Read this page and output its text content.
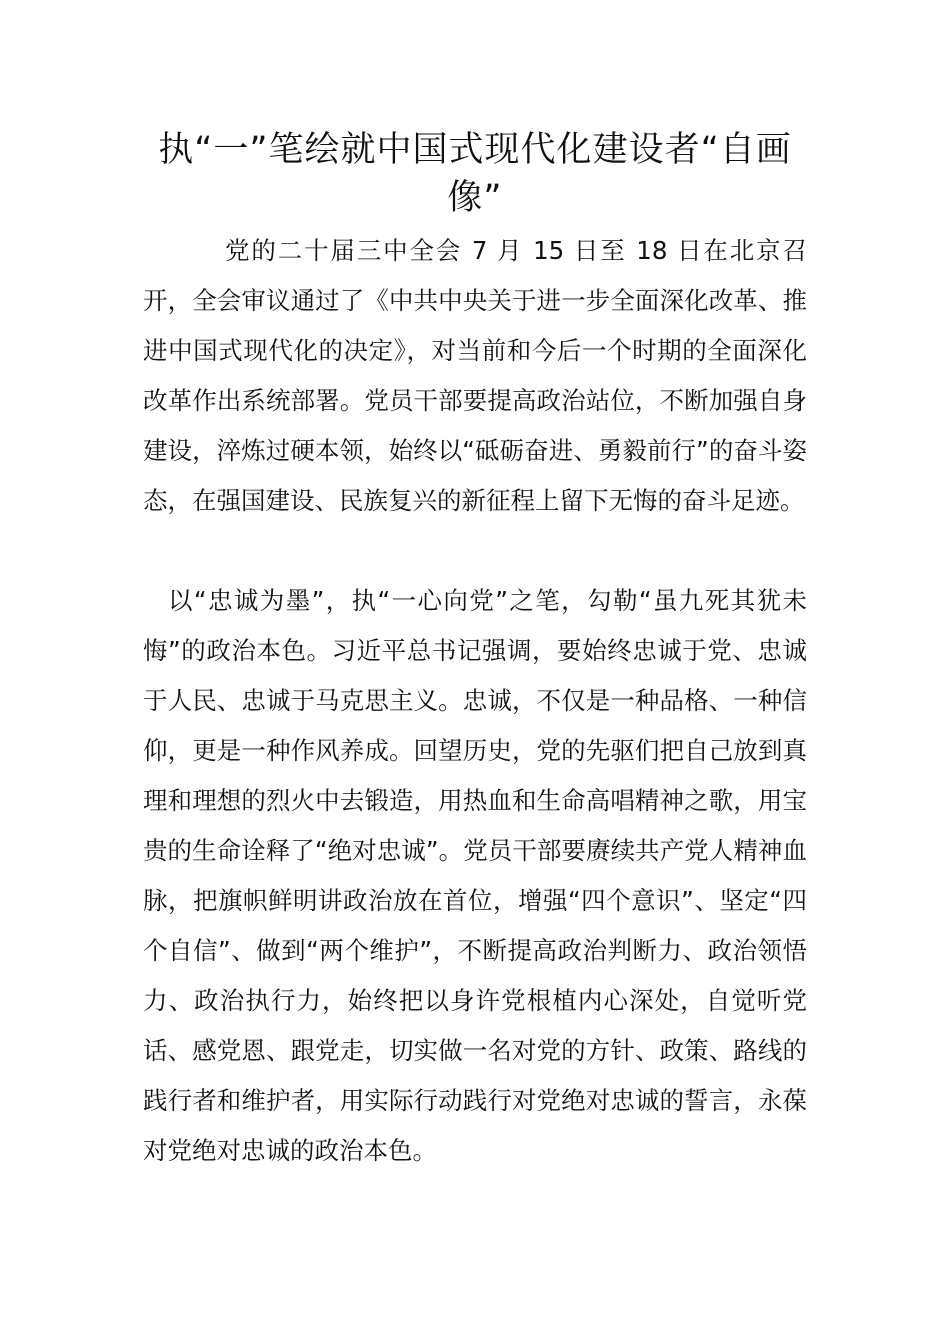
执“一”笔绘就中国式现代化建设者“自画像”

党的二十届三中全会 7 月 15 日至 18 日在北京召开，全会审议通过了《中共中央关于进一步全面深化改革、推进中国式现代化的决定》，对当前和今后一个时期的全面深化改革作出系统部署。党员干部要提高政治站位，不断加强自身建设，淬炼过硬本领，始终以“砥砺奋进、勇毅前行”的奋斗姿态，在强国建设、民族复兴的新征程上留下无悔的奋斗足迹。

以“忠诚为墨”，执“一心向党”之笔，勾勒“虽九死其犹未悔”的政治本色。习近平总书记强调，要始终忠诚于党、忠诚于人民、忠诚于马克思主义。忠诚，不仅是一种品格、一种信仰，更是一种作风养成。回望历史，党的先驱们把自己放到真理和理想的烈火中去锻造，用热血和生命高唱精神之歌，用宝贵的生命诠释了“绝对忠诚”。党员干部要赓续共产党人精神血脉，把旗帜鲜明讲政治放在首位，增强“四个意识”、坚定“四个自信”、做到“两个维护”，不断提高政治判断力、政治领悟力、政治执行力，始终把以身许党根植内心深处，自觉听党话、感党恩、跟党走，切实做一名对党的方针、政策、路线的践行者和维护者，用实际行动践行对党绝对忠诚的誓言，永葆对党绝对忠诚的政治本色。
